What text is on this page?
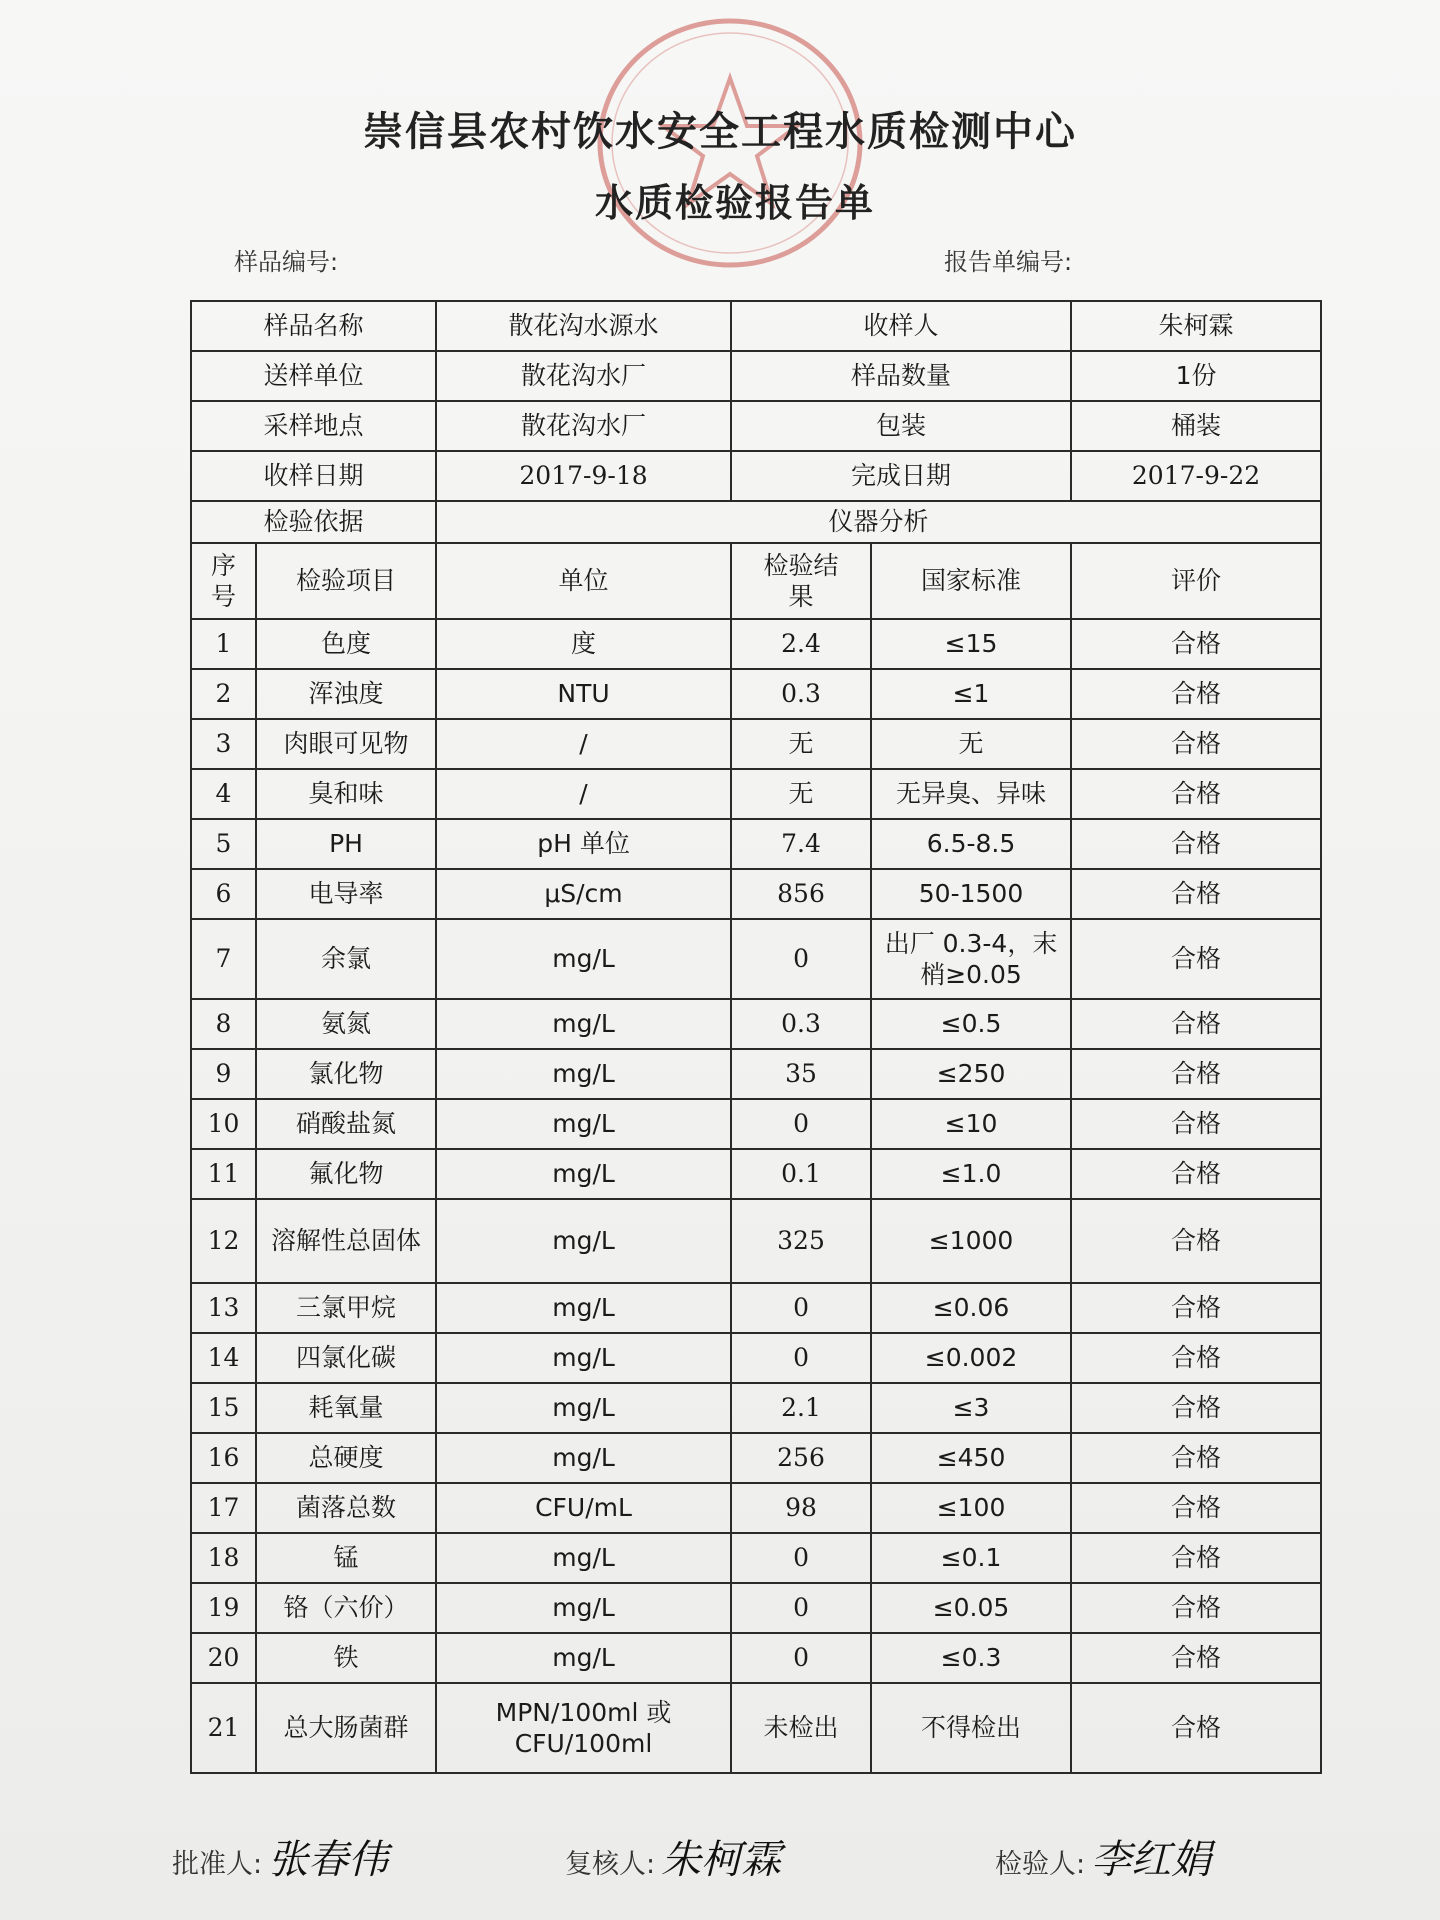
崇信县农村饮水安全工程水质检测中心
水质检验报告单
样品编号:	报告单编号:
样品名称		散花沟水源水	收样人		朱柯霖
送样单位		散花沟水厂	样品数量		1份
采样地点		散花沟水厂	包装		桶装
收样日期		2017-9-18	完成日期		2017-9-22
检验依据		仪器分析			
序号	检验项目	单位	检验结果	国家标准	评价
1	色度	度	2.4	≤15	合格
2	浑浊度	NTU	0.3	≤1	合格
3	肉眼可见物	/	无	无	合格
4	臭和味	/	无	无异臭、异味	合格
5	PH	pH 单位	7.4	6.5-8.5	合格
6	电导率	μS/cm	856	50-1500	合格
7	余氯	mg/L	0	出厂 0.3-4，末梢≥0.05	合格
8	氨氮	mg/L	0.3	≤0.5	合格
9	氯化物	mg/L	35	≤250	合格
10	硝酸盐氮	mg/L	0	≤10	合格
11	氟化物	mg/L	0.1	≤1.0	合格
12	溶解性总固体	mg/L	325	≤1000	合格
13	三氯甲烷	mg/L	0	≤0.06	合格
14	四氯化碳	mg/L	0	≤0.002	合格
15	耗氧量	mg/L	2.1	≤3	合格
16	总硬度	mg/L	256	≤450	合格
17	菌落总数	CFU/mL	98	≤100	合格
18	锰	mg/L	0	≤0.1	合格
19	铬（六价）	mg/L	0	≤0.05	合格
20	铁	mg/L	0	≤0.3	合格
21	总大肠菌群	MPN/100ml 或 CFU/100ml	未检出	不得检出	合格
批准人: 张春伟	复核人: 朱柯霖	检验人: 李红娟
